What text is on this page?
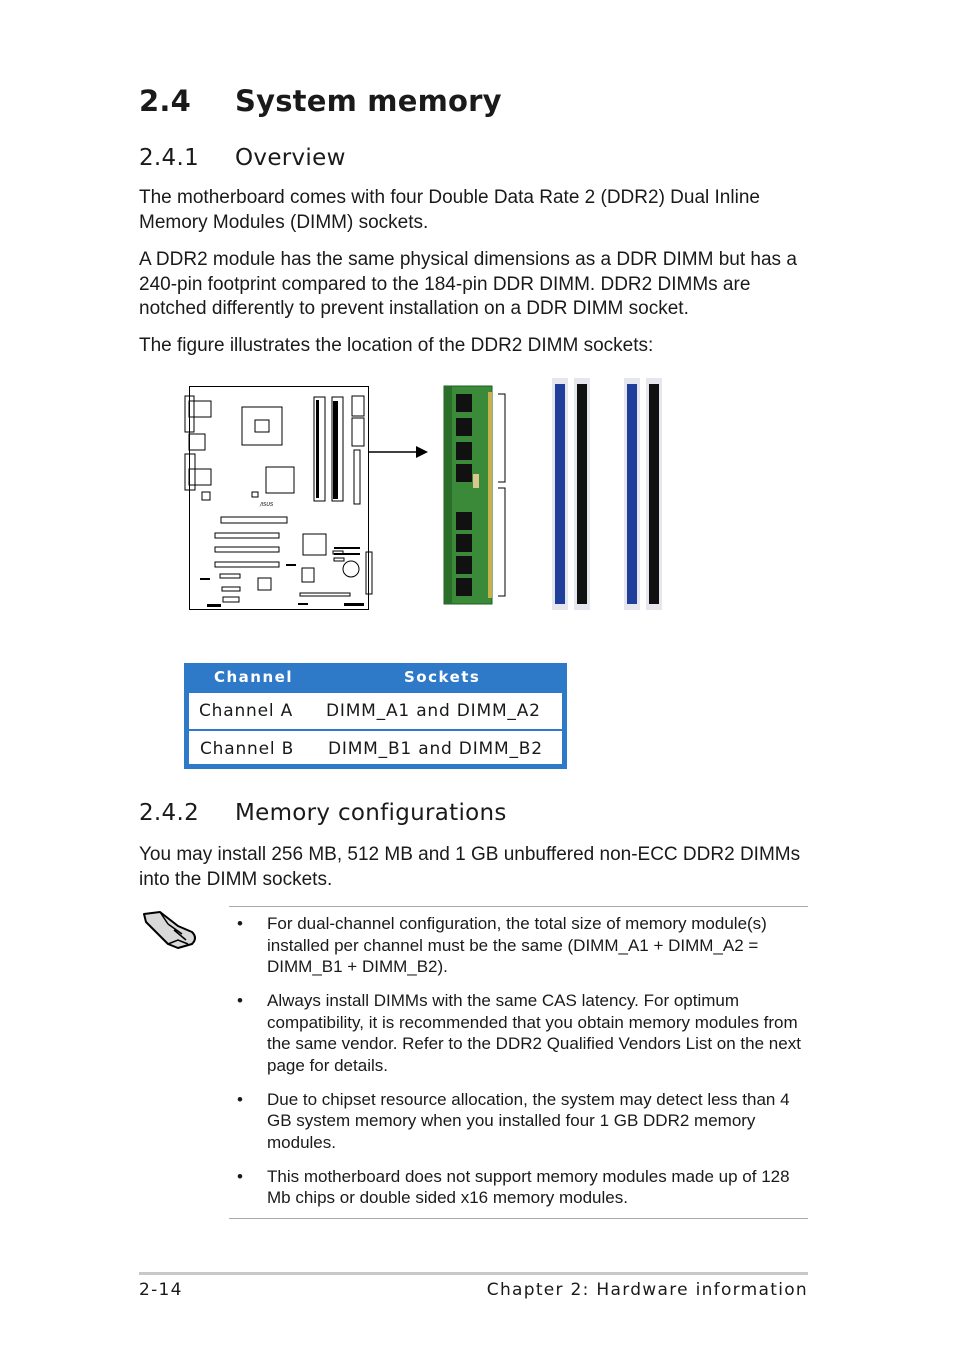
2.4 System memory
2.4.1 Overview

The motherboard comes with four Double Data Rate 2 (DDR2) Dual Inline Memory Modules (DIMM) sockets.

A DDR2 module has the same physical dimensions as a DDR DIMM but has a 240-pin footprint compared to the 184-pin DDR DIMM. DDR2 DIMMs are notched differently to prevent installation on a DDR DIMM socket.

The figure illustrates the location of the DDR2 DIMM sockets:

/ISUS
Channel	Sockets
Channel A DIMM_A1 and DIMM_A2
Channel B DIMM_B1 and DIMM_B2
2.4.2 Memory configurations

You may install 256 MB, 512 MB and 1 GB unbuffered non-ECC DDR2 DIMMs into the DIMM sockets.

• For dual-channel configuration, the total size of memory module(s) installed per channel must be the same (DIMM_A1 + DIMM_A2 = DIMM_B1 + DIMM_B2).
• Always install DIMMs with the same CAS latency. For optimum compatibility, it is recommended that you obtain memory modules from the same vendor. Refer to the DDR2 Qualified Vendors List on the next page for details.
• Due to chipset resource allocation, the system may detect less than 4 GB system memory when you installed four 1 GB DDR2 memory modules.
• This motherboard does not support memory modules made up of 128 Mb chips or double sided x16 memory modules.
2-14	Chapter 2: Hardware information
